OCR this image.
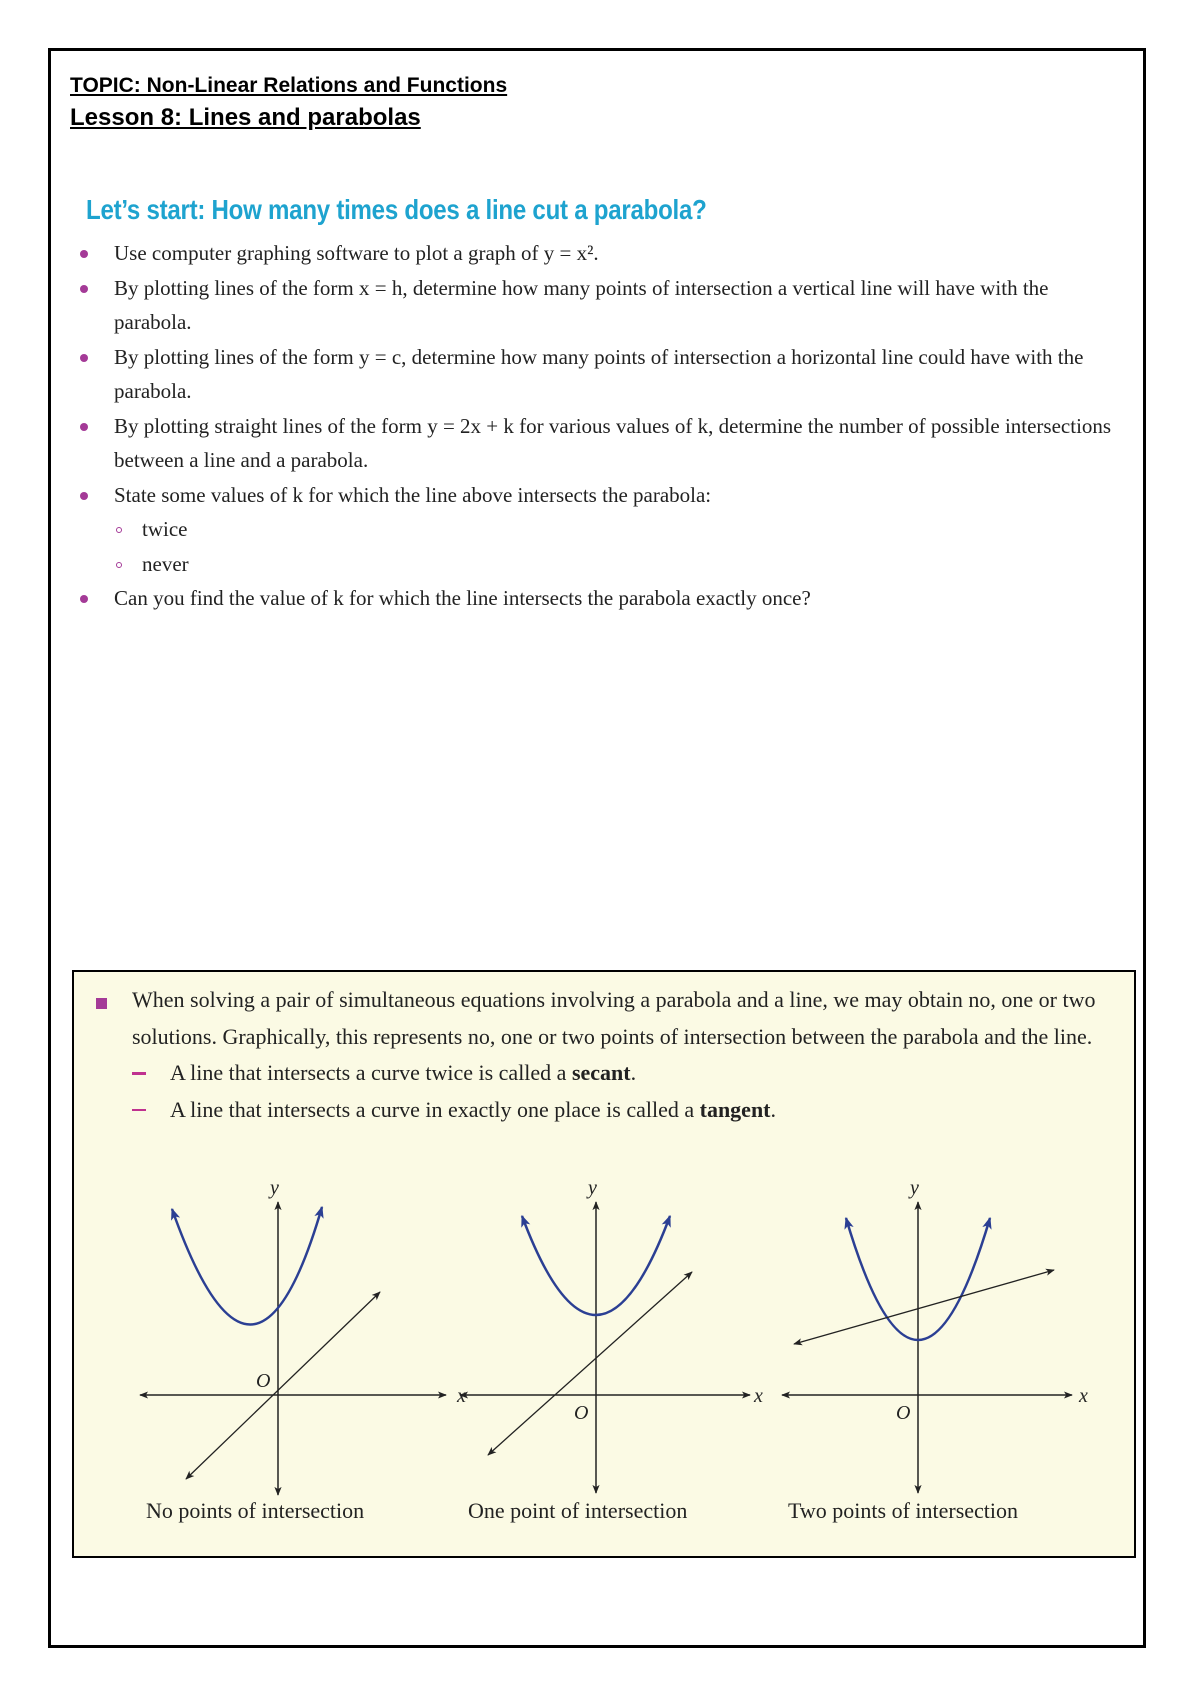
TOPIC: Non-Linear Relations and Functions
Lesson 8: Lines and parabolas
Let’s start: How many times does a line cut a parabola?
Use computer graphing software to plot a graph of y = x².
By plotting lines of the form x = h, determine how many points of intersection a vertical line will have with the parabola.
By plotting lines of the form y = c, determine how many points of intersection a horizontal line could have with the parabola.
By plotting straight lines of the form y = 2x + k for various values of k, determine the number of possible intersections between a line and a parabola.
State some values of k for which the line above intersects the parabola:
twice
never
Can you find the value of k for which the line intersects the parabola exactly once?
When solving a pair of simultaneous equations involving a parabola and a line, we may obtain no, one or two solutions. Graphically, this represents no, one or two points of intersection between the parabola and the line.
A line that intersects a curve twice is called a secant.
A line that intersects a curve in exactly one place is called a tangent.
x
y
O
x
y
O
x
y
O
No points of intersection	One point of intersection	Two points of intersection
